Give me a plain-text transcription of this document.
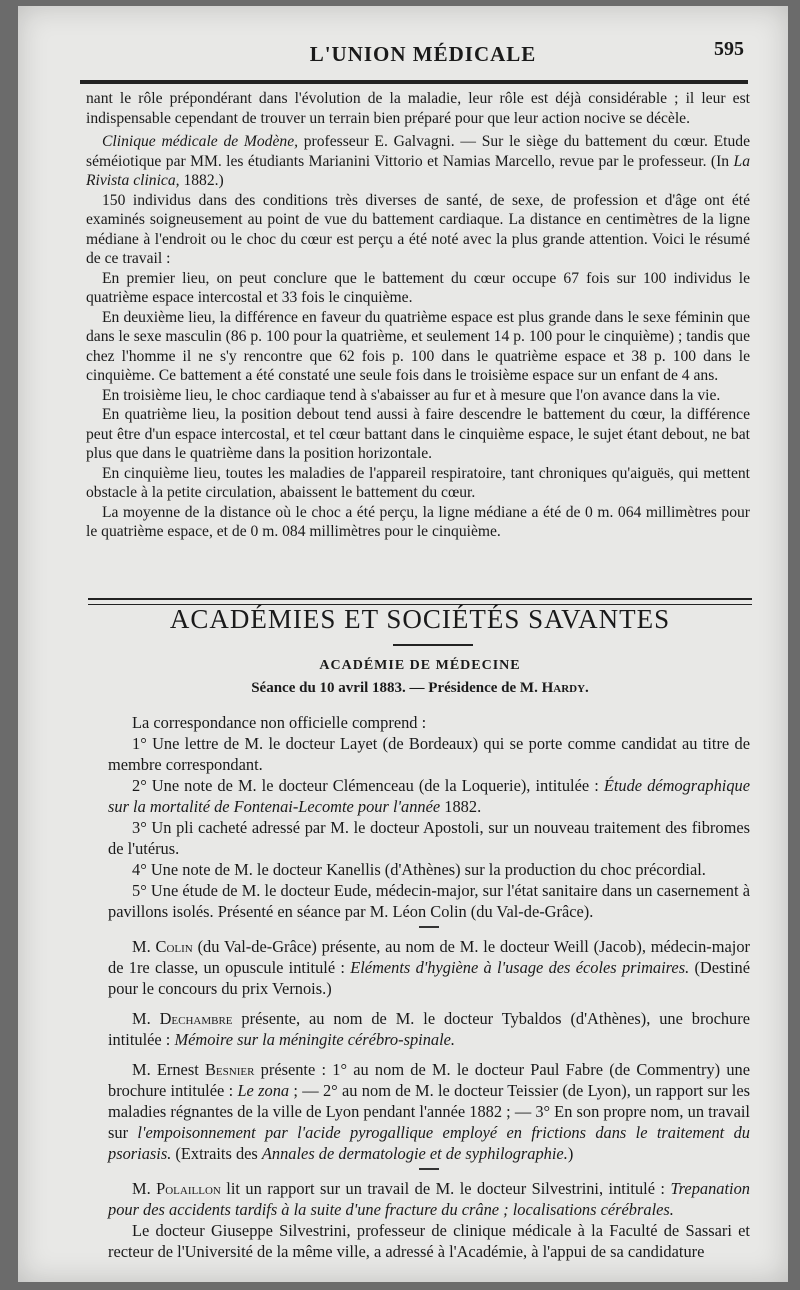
L'UNION MÉDICALE	595

nant le rôle prépondérant dans l'évolution de la maladie, leur rôle est déjà considérable ; il leur est indispensable cependant de trouver un terrain bien préparé pour que leur action nocive se décèle.

Clinique médicale de Modène, professeur E. Galvagni. — Sur le siège du battement du cœur. Etude séméiotique par MM. les étudiants Marianini Vittorio et Namias Marcello, revue par le professeur. (In La Rivista clinica, 1882.)

150 individus dans des conditions très diverses de santé, de sexe, de profession et d'âge ont été examinés soigneusement au point de vue du battement cardiaque. La distance en centimètres de la ligne médiane à l'endroit ou le choc du cœur est perçu a été noté avec la plus grande attention. Voici le résumé de ce travail :

En premier lieu, on peut conclure que le battement du cœur occupe 67 fois sur 100 individus le quatrième espace intercostal et 33 fois le cinquième.

En deuxième lieu, la différence en faveur du quatrième espace est plus grande dans le sexe féminin que dans le sexe masculin (86 p. 100 pour la quatrième, et seulement 14 p. 100 pour le cinquième) ; tandis que chez l'homme il ne s'y rencontre que 62 fois p. 100 dans le quatrième espace et 38 p. 100 dans le cinquième. Ce battement a été constaté une seule fois dans le troisième espace sur un enfant de 4 ans.

En troisième lieu, le choc cardiaque tend à s'abaisser au fur et à mesure que l'on avance dans la vie.

En quatrième lieu, la position debout tend aussi à faire descendre le battement du cœur, la différence peut être d'un espace intercostal, et tel cœur battant dans le cinquième espace, le sujet étant debout, ne bat plus que dans le quatrième dans la position horizontale.

En cinquième lieu, toutes les maladies de l'appareil respiratoire, tant chroniques qu'aiguës, qui mettent obstacle à la petite circulation, abaissent le battement du cœur.

La moyenne de la distance où le choc a été perçu, la ligne médiane a été de 0 m. 064 millimètres pour le quatrième espace, et de 0 m. 084 millimètres pour le cinquième.

ACADÉMIES ET SOCIÉTÉS SAVANTES
ACADÉMIE DE MÉDECINE
Séance du 10 avril 1883. — Présidence de M. Hardy.

La correspondance non officielle comprend :

1° Une lettre de M. le docteur Layet (de Bordeaux) qui se porte comme candidat au titre de membre correspondant.

2° Une note de M. le docteur Clémenceau (de la Loquerie), intitulée : Étude démographique sur la mortalité de Fontenai-Lecomte pour l'année 1882.

3° Un pli cacheté adressé par M. le docteur Apostoli, sur un nouveau traitement des fibromes de l'utérus.

4° Une note de M. le docteur Kanellis (d'Athènes) sur la production du choc précordial.

5° Une étude de M. le docteur Eude, médecin-major, sur l'état sanitaire dans un casernement à pavillons isolés. Présenté en séance par M. Léon Colin (du Val-de-Grâce).

M. Colin (du Val-de-Grâce) présente, au nom de M. le docteur Weill (Jacob), médecin-major de 1re classe, un opuscule intitulé : Eléments d'hygiène à l'usage des écoles primaires. (Destiné pour le concours du prix Vernois.)

M. Dechambre présente, au nom de M. le docteur Tybaldos (d'Athènes), une brochure intitulée : Mémoire sur la méningite cérébro-spinale.

M. Ernest Besnier présente : 1° au nom de M. le docteur Paul Fabre (de Commentry) une brochure intitulée : Le zona ; — 2° au nom de M. le docteur Teissier (de Lyon), un rapport sur les maladies régnantes de la ville de Lyon pendant l'année 1882 ; — 3° En son propre nom, un travail sur l'empoisonnement par l'acide pyrogallique employé en frictions dans le traitement du psoriasis. (Extraits des Annales de dermatologie et de syphilographie.)

M. Polaillon lit un rapport sur un travail de M. le docteur Silvestrini, intitulé : Trepanation pour des accidents tardifs à la suite d'une fracture du crâne ; localisations cérébrales.

Le docteur Giuseppe Silvestrini, professeur de clinique médicale à la Faculté de Sassari et recteur de l'Université de la même ville, a adressé à l'Académie, à l'appui de sa candidature
